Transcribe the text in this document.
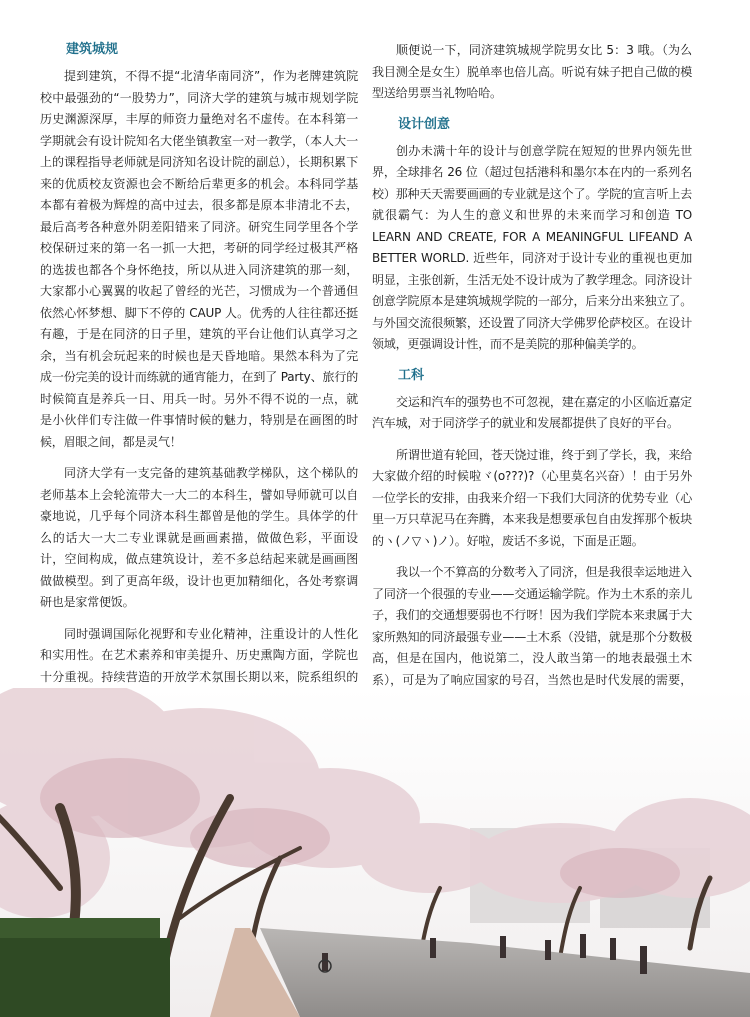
建筑城规

提到建筑，不得不提“北清华南同济”，作为老牌建筑院校中最强劲的“一股势力”，同济大学的建筑与城市规划学院历史渊源深厚，丰厚的师资力量绝对名不虚传。在本科第一学期就会有设计院知名大佬坐镇教室一对一教学，（本人大一上的课程指导老师就是同济知名设计院的副总），长期积累下来的优质校友资源也会不断给后辈更多的机会。本科同学基本都有着极为辉煌的高中过去，很多都是原本非清北不去，最后高考各种意外阴差阳错来了同济。研究生同学里各个学校保研过来的第一名一抓一大把，考研的同学经过极其严格的选拔也都各个身怀绝技，所以从进入同济建筑的那一刻，大家都小心翼翼的收起了曾经的光芒，习惯成为一个普通但依然心怀梦想、脚下不停的 CAUP 人。优秀的人往往都还挺有趣，于是在同济的日子里，建筑的平台让他们认真学习之余，当有机会玩起来的时候也是天昏地暗。果然本科为了完成一份完美的设计而练就的通宵能力，在到了 Party、旅行的时候简直是养兵一日、用兵一时。另外不得不说的一点，就是小伙伴们专注做一件事情时候的魅力，特别是在画图的时候，眉眼之间，都是灵气！

同济大学有一支完备的建筑基础教学梯队，这个梯队的老师基本上会轮流带大一大二的本科生，譬如导师就可以自豪地说，几乎每个同济本科生都曾是他的学生。具体学的什么的话大一大二专业课就是画画素描，做做色彩，平面设计，空间构成，做点建筑设计，差不多总结起来就是画画图做做模型。到了更高年级，设计也更加精细化，各处考察调研也是家常便饭。

同时强调国际化视野和专业化精神，注重设计的人性化和实用性。在艺术素养和审美提升、历史熏陶方面，学院也十分重视。持续营造的开放学术氛围长期以来，院系组织的

顺便说一下，同济建筑城规学院男女比 5：3 哦。（为么我目测全是女生）脱单率也倍儿高。听说有妹子把自己做的模型送给男票当礼物哈哈。

设计创意

创办未满十年的设计与创意学院在短短的世界内领先世界，全球排名 26 位（超过包括港科和墨尔本在内的一系列名校）那种天天需要画画的专业就是这个了。学院的宣言听上去就很霸气：为人生的意义和世界的未来而学习和创造 TO LEARN AND CREATE, FOR A MEANINGFUL LIFEAND A BETTER WORLD. 近些年，同济对于设计专业的重视也更加明显，主张创新，生活无处不设计成为了教学理念。同济设计创意学院原本是建筑城规学院的一部分，后来分出来独立了。与外国交流很频繁，还设置了同济大学佛罗伦萨校区。在设计领域，更强调设计性，而不是美院的那种偏美学的。

工科

交运和汽车的强势也不可忽视，建在嘉定的小区临近嘉定汽车城，对于同济学子的就业和发展都提供了良好的平台。

所谓世道有轮回，苍天饶过谁，终于到了学长，我，来给大家做介绍的时候啦ヾ(o???)?（心里莫名兴奋）！由于另外一位学长的安排，由我来介绍一下我们大同济的优势专业（心里一万只草泥马在奔腾，本来我是想要承包自由发挥那个板块的ヽ(ノ▽ヽ)ノ）。好啦，废话不多说，下面是正题。

我以一个不算高的分数考入了同济，但是我很幸运地进入了同济一个很强的专业——交通运输学院。作为土木系的亲儿子，我们的交通想要弱也不行呀！因为我们学院本来隶属于大家所熟知的同济最强专业——土木系（没错，就是那个分数极高，但是在国内，他说第二，没人敢当第一的地表最强土木系），可是为了响应国家的号召，当然也是时代发展的需要，
